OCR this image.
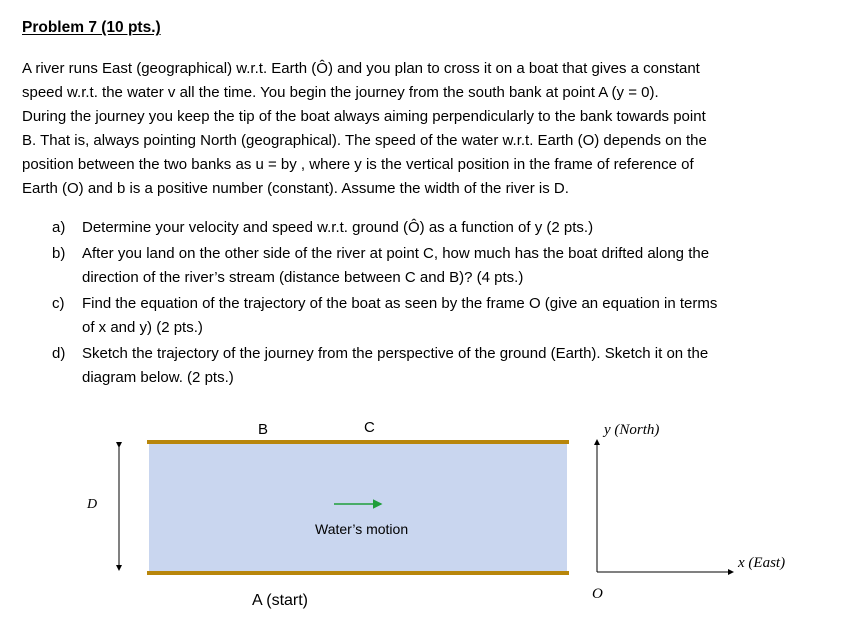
Problem 7 (10 pts.)
A river runs East (geographical) w.r.t. Earth (Ô) and you plan to cross it on a boat that gives a constant
speed w.r.t. the water v all the time. You begin the journey from the south bank at point A (y = 0).
During the journey you keep the tip of the boat always aiming perpendicularly to the bank towards point
B. That is, always pointing North (geographical). The speed of the water w.r.t. Earth (O) depends on the
position between the two banks as u = by , where y is the vertical position in the frame of reference of
Earth (O) and b is a positive number (constant). Assume the width of the river is D.
a) Determine your velocity and speed w.r.t. ground (Ô) as a function of y (2 pts.)
b) After you land on the other side of the river at point C, how much has the boat drifted along the
direction of the river’s stream (distance between C and B)? (4 pts.)
c) Find the equation of the trajectory of the boat as seen by the frame O (give an equation in terms
of x and y) (2 pts.)
d) Sketch the trajectory of the journey from the perspective of the ground (Earth). Sketch it on the
diagram below. (2 pts.)
B	C
D
Water’s motion
A (start)
y (North)
x (East)
O
